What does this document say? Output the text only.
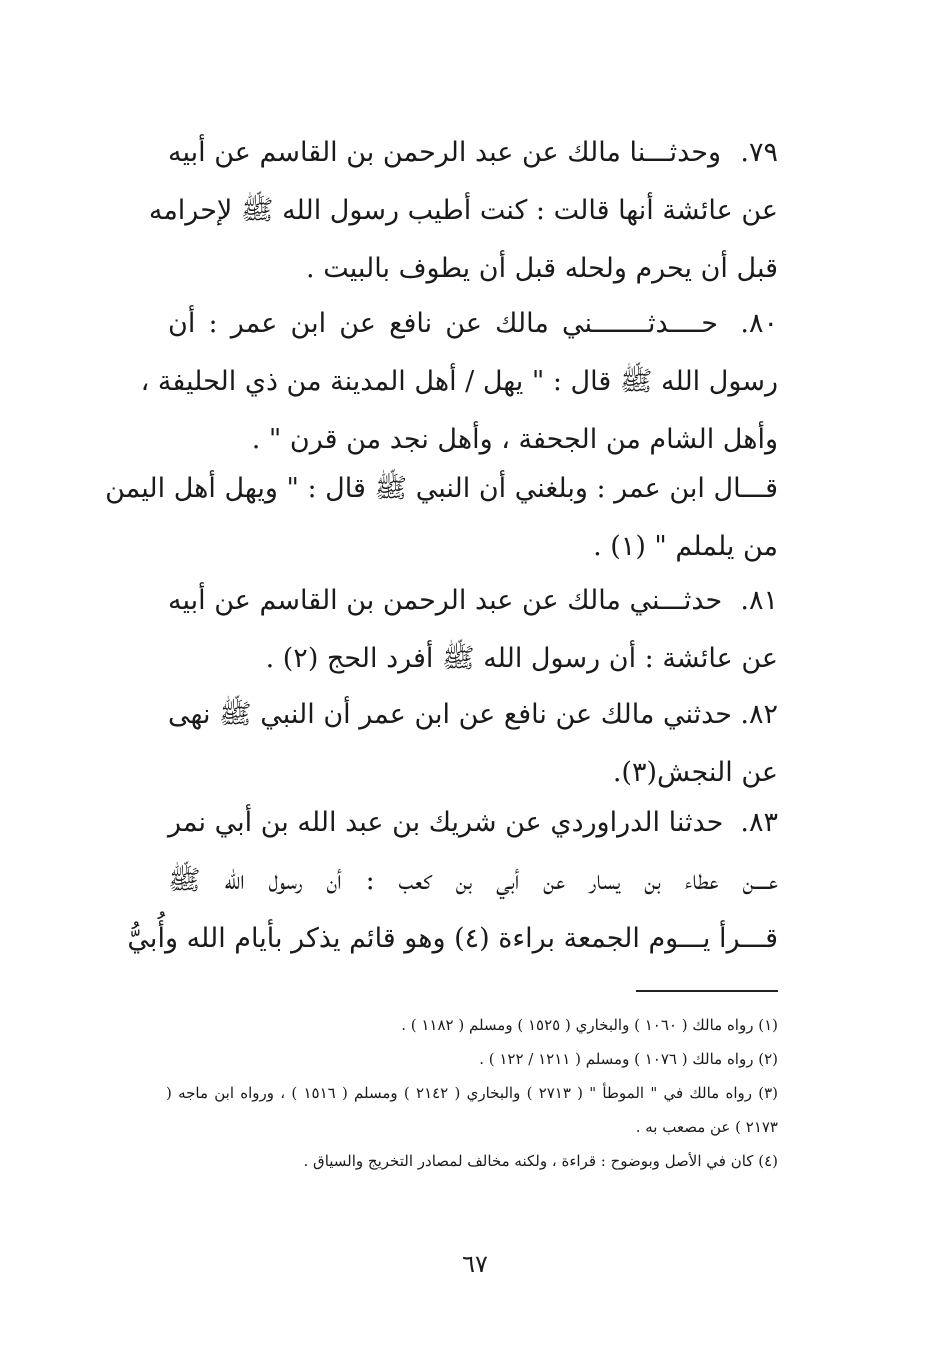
٧٩.
وحدثـــنا مالك عن عبد الرحمن بن القاسم عن أبيه
عن عائشة أنها قالت : كنت أطيب رسول الله ﷺ لإحرامه
قبل أن يحرم ولحله قبل أن يطوف بالبيت .
٨٠.
حــــدثـــــــني مالك عن نافع عن ابن عمر : أن
رسول الله ﷺ قال : " يهل / أهل المدينة من ذي الحليفة ،
وأهل الشام من الجحفة ، وأهل نجد من قرن " .
قـــال ابن عمر : وبلغني أن النبي ﷺ قال : " ويهل أهل اليمن
من يلملم " (١) .
٨١.
حدثـــني مالك عن عبد الرحمن بن القاسم عن أبيه
عن عائشة : أن رسول الله ﷺ أفرد الحج (٢) .
٨٢.
حدثني مالك عن نافع عن ابن عمر أن النبي ﷺ نهى
عن النجش(٣).
٨٣.
حدثنا الدراوردي عن شريك بن عبد الله بن أبي نمر
عــــن عطاء بن يسار عن أبي بن كعب : أن رسول الله ﷺ
قـــرأ يـــوم الجمعة براءة (٤) وهو قائم يذكر بأيام الله وأُبيُّ
(١) رواه مالك ( ١٠٦٠ ) والبخاري ( ١٥٢٥ ) ومسلم ( ١١٨٢ ) .
(٢) رواه مالك ( ١٠٧٦ ) ومسلم ( ١٢١١ / ١٢٢ ) .
(٣) رواه مالك في " الموطأ " ( ٢٧١٣ ) والبخاري ( ٢١٤٢ ) ومسلم ( ١٥١٦ ) ، ورواه ابن ماجه (
٢١٧٣ ) عن مصعب به .
(٤) كان في الأصل وبوضوح : قراءة ، ولكنه مخالف لمصادر التخريج والسياق .
٦٧
